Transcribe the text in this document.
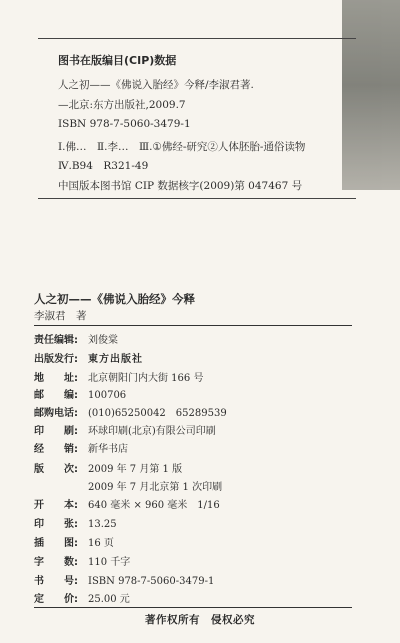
图书在版编目(CIP)数据
人之初——《佛说入胎经》今释/李淑君著.
—北京:东方出版社,2009.7
ISBN 978-7-5060-3479-1
Ⅰ.佛…　Ⅱ.李…　Ⅲ.①佛经-研究②人体胚胎-通俗读物
Ⅳ.B94　R321-49
中国版本图书馆 CIP 数据核字(2009)第 047467 号
人之初——《佛说入胎经》今释
李淑君　著
责任编辑: 刘俊棠
出版发行: 東方出版社
地　　址: 北京朝阳门内大街 166 号
邮　　编: 100706
邮购电话: (010)65250042　65289539
印　　刷: 环球印刷(北京)有限公司印刷
经　　销: 新华书店
版　　次: 2009 年 7 月第 1 版
2009 年 7 月北京第 1 次印刷
开　　本: 640 毫米 × 960 毫米　1/16
印　　张: 13.25
插　　图: 16 页
字　　数: 110 千字
书　　号: ISBN 978-7-5060-3479-1
定　　价: 25.00 元
著作权所有　侵权必究
